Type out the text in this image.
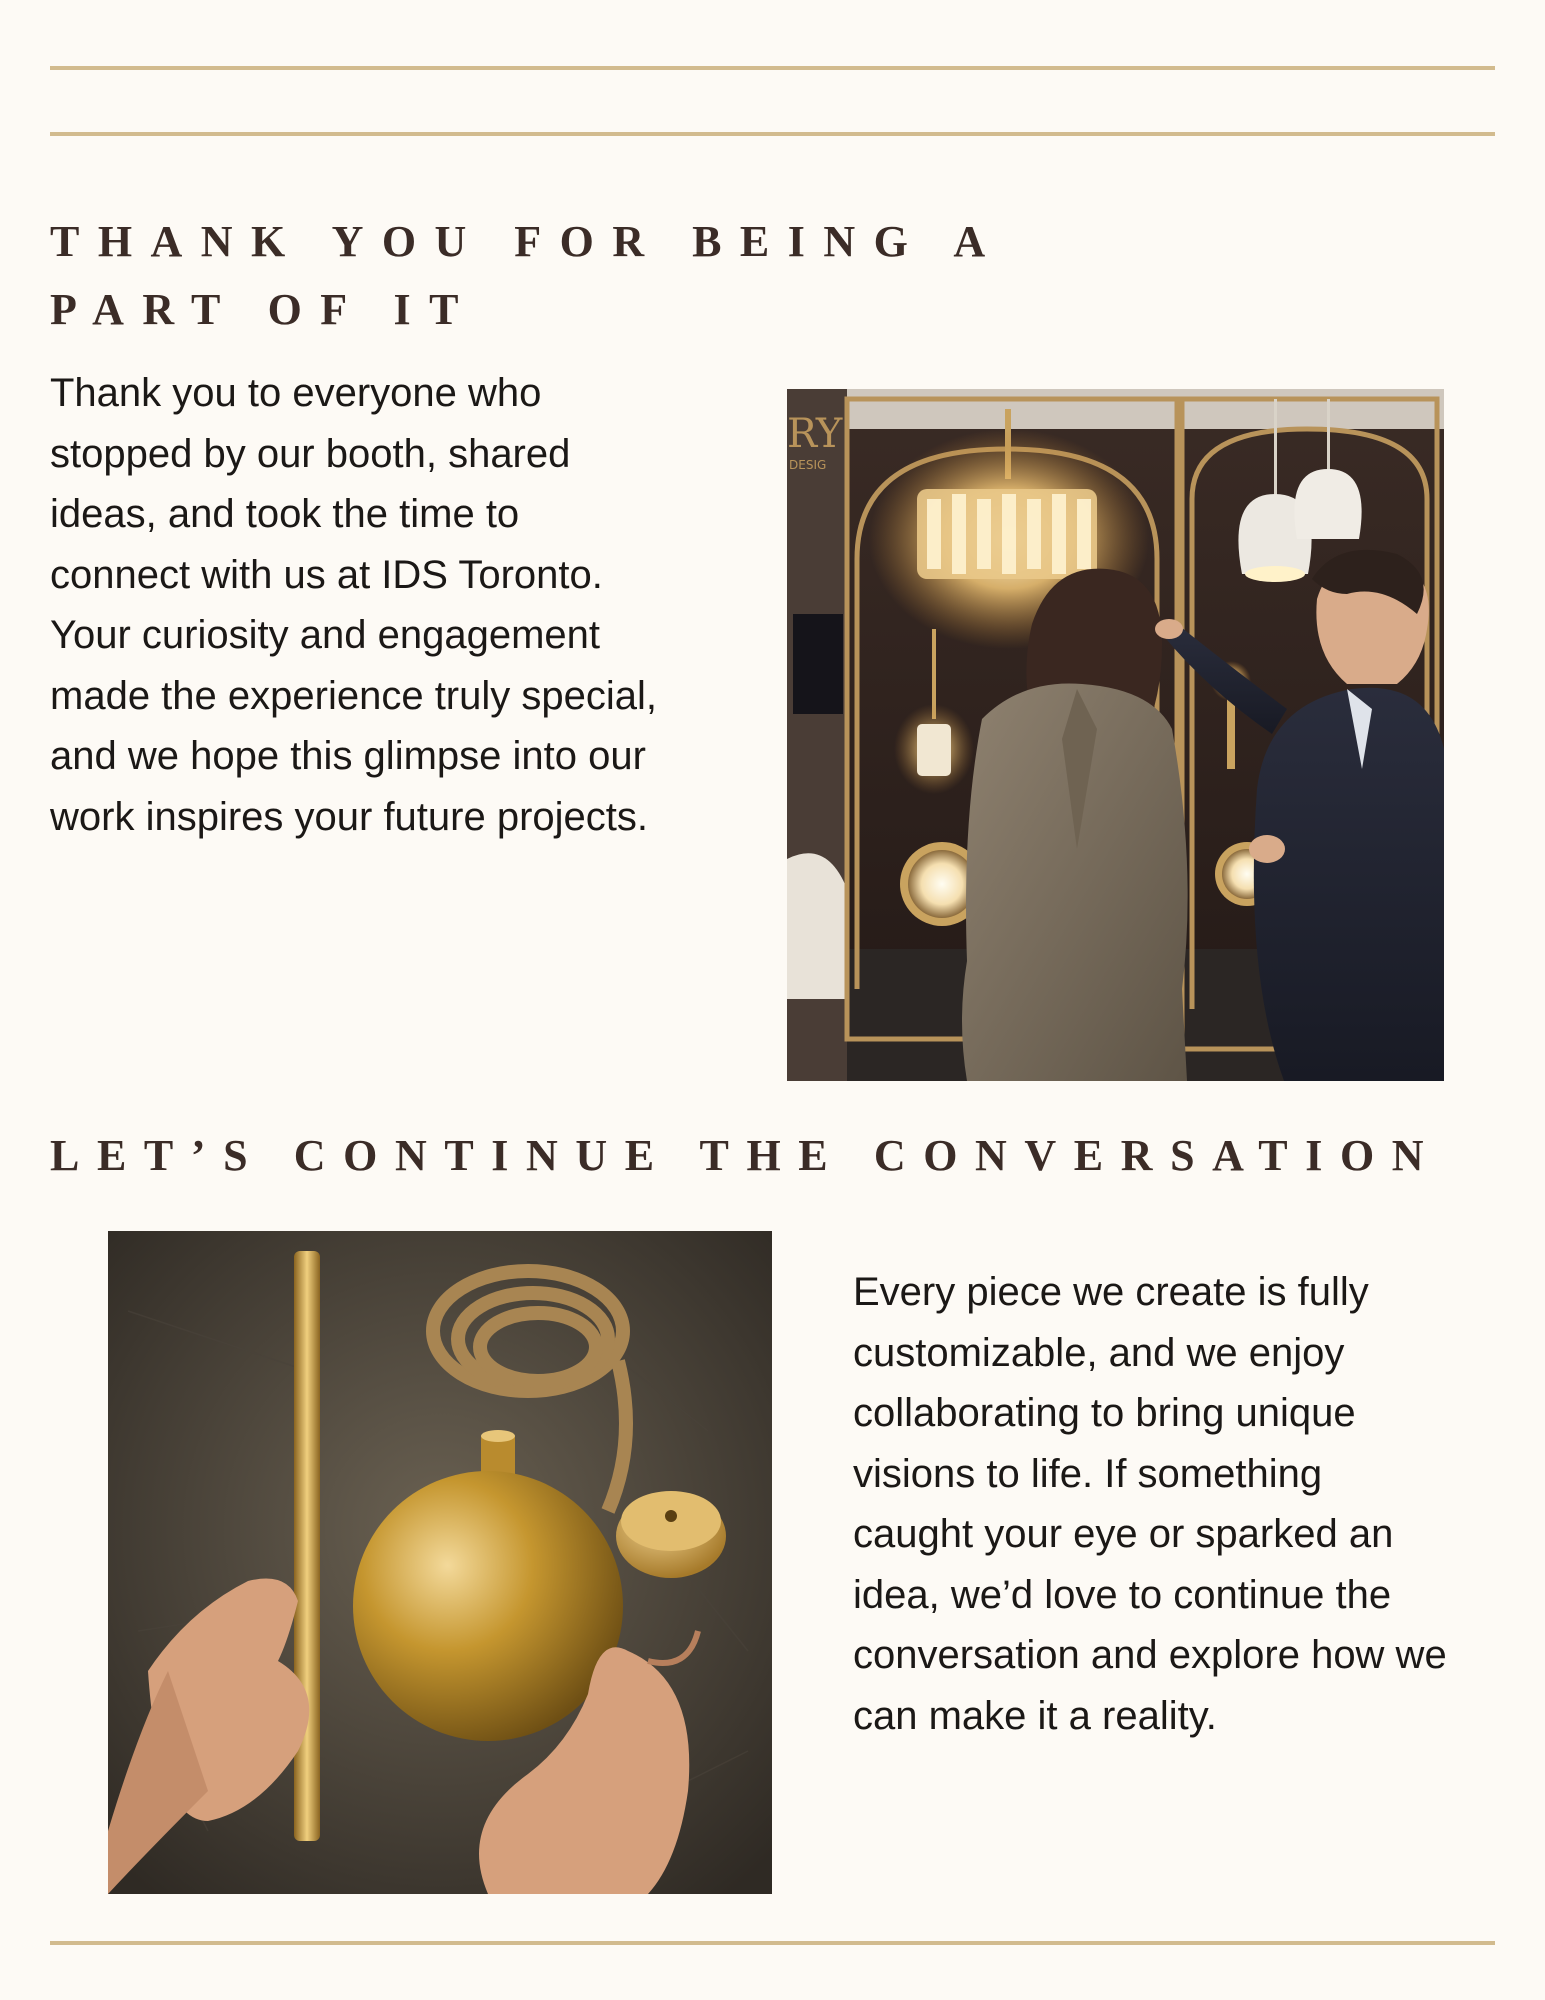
THANK YOU FOR BEING A
PART OF IT

Thank you to everyone who stopped by our booth, shared ideas, and took the time to connect with us at IDS Toronto. Your curiosity and engagement made the experience truly special, and we hope this glimpse into our work inspires your future projects.

RY
DESIG
LET’S CONTINUE THE CONVERSATION

Every piece we create is fully customizable, and we enjoy collaborating to bring unique visions to life. If something caught your eye or sparked an idea, we’d love to continue the conversation and explore how we can make it a reality.
